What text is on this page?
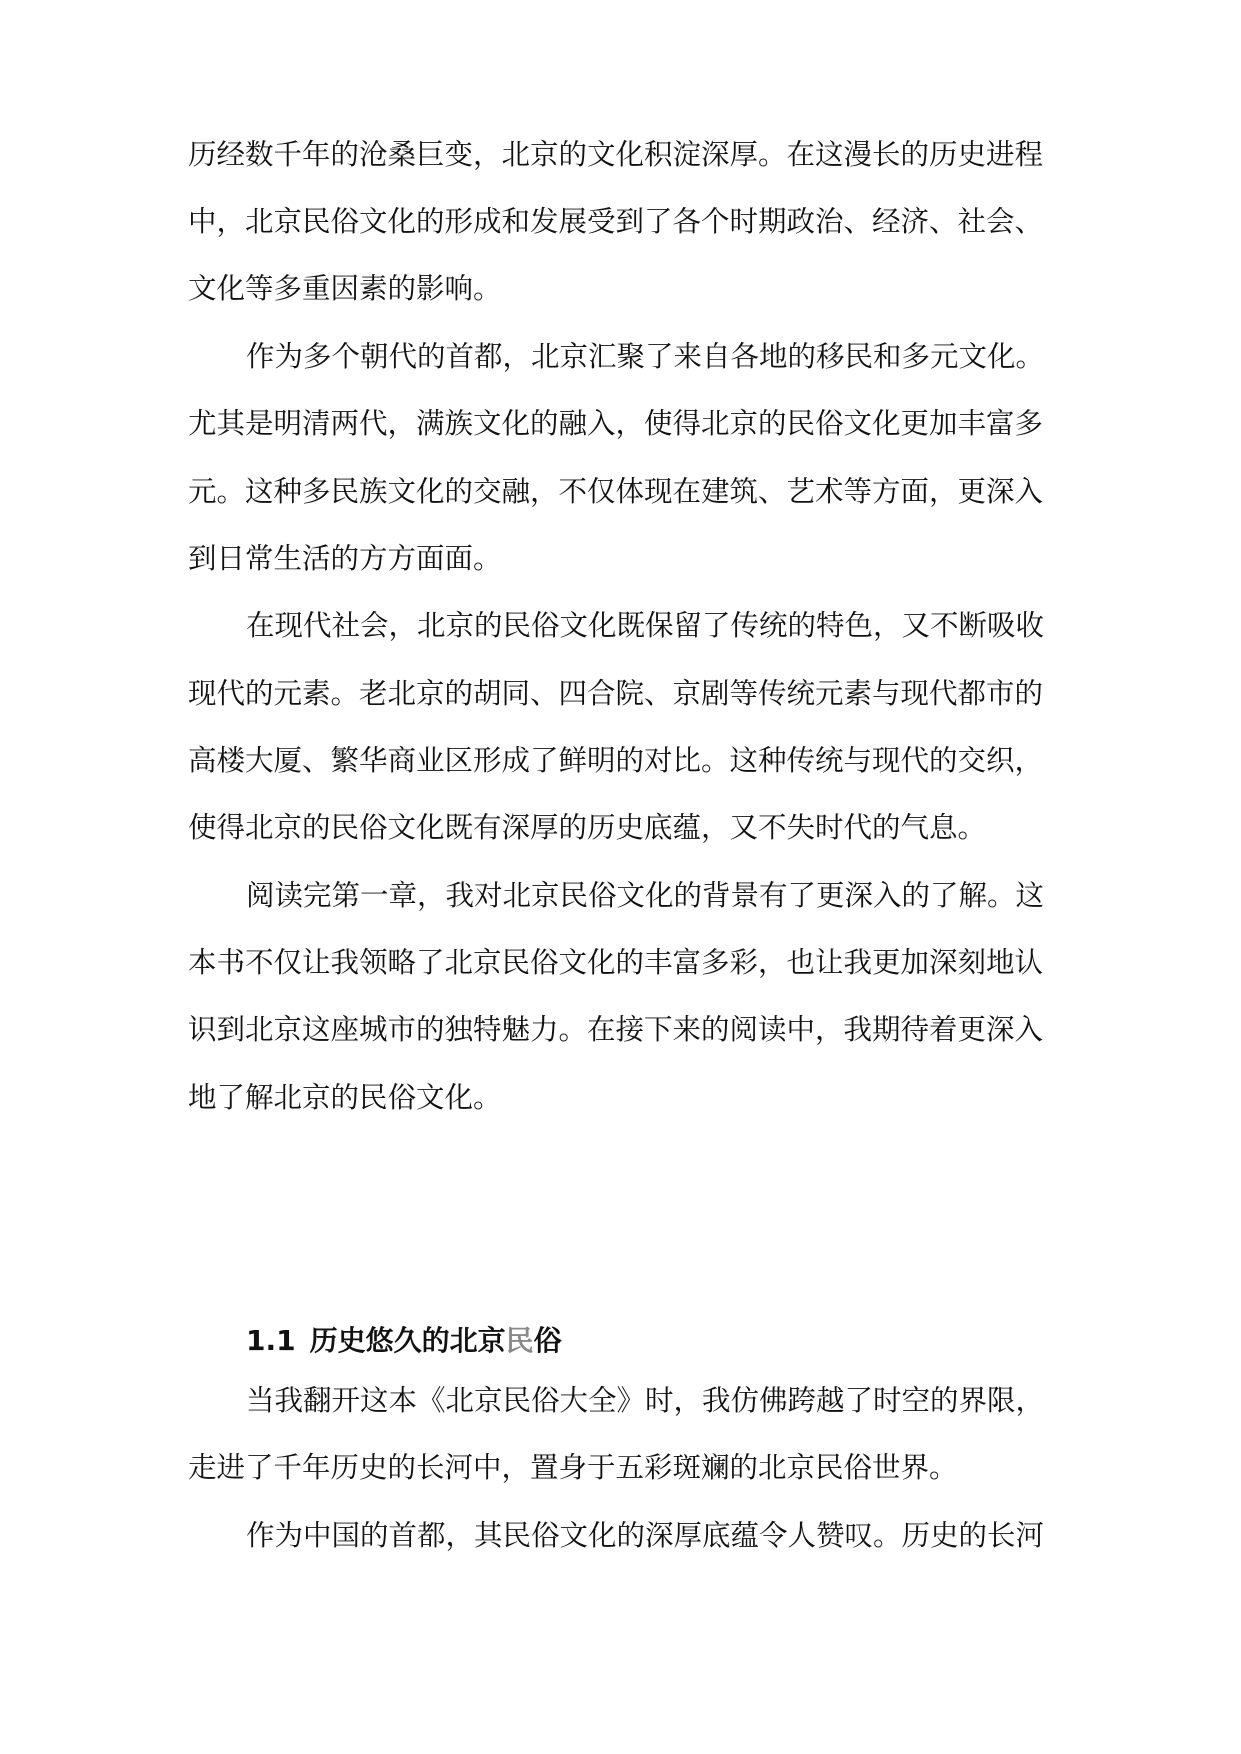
历经数千年的沧桑巨变，北京的文化积淀深厚。在这漫长的历史进程
中，北京民俗文化的形成和发展受到了各个时期政治、经济、社会、
文化等多重因素的影响。
作为多个朝代的首都，北京汇聚了来自各地的移民和多元文化。
尤其是明清两代，满族文化的融入，使得北京的民俗文化更加丰富多
元。这种多民族文化的交融，不仅体现在建筑、艺术等方面，更深入
到日常生活的方方面面。
在现代社会，北京的民俗文化既保留了传统的特色，又不断吸收
现代的元素。老北京的胡同、四合院、京剧等传统元素与现代都市的
高楼大厦、繁华商业区形成了鲜明的对比。这种传统与现代的交织，
使得北京的民俗文化既有深厚的历史底蕴，又不失时代的气息。
阅读完第一章，我对北京民俗文化的背景有了更深入的了解。这
本书不仅让我领略了北京民俗文化的丰富多彩，也让我更加深刻地认
识到北京这座城市的独特魅力。在接下来的阅读中，我期待着更深入
地了解北京的民俗文化。
1.1 历史悠久的北京民俗
当我翻开这本《北京民俗大全》时，我仿佛跨越了时空的界限，
走进了千年历史的长河中，置身于五彩斑斓的北京民俗世界。
作为中国的首都，其民俗文化的深厚底蕴令人赞叹。历史的长河
